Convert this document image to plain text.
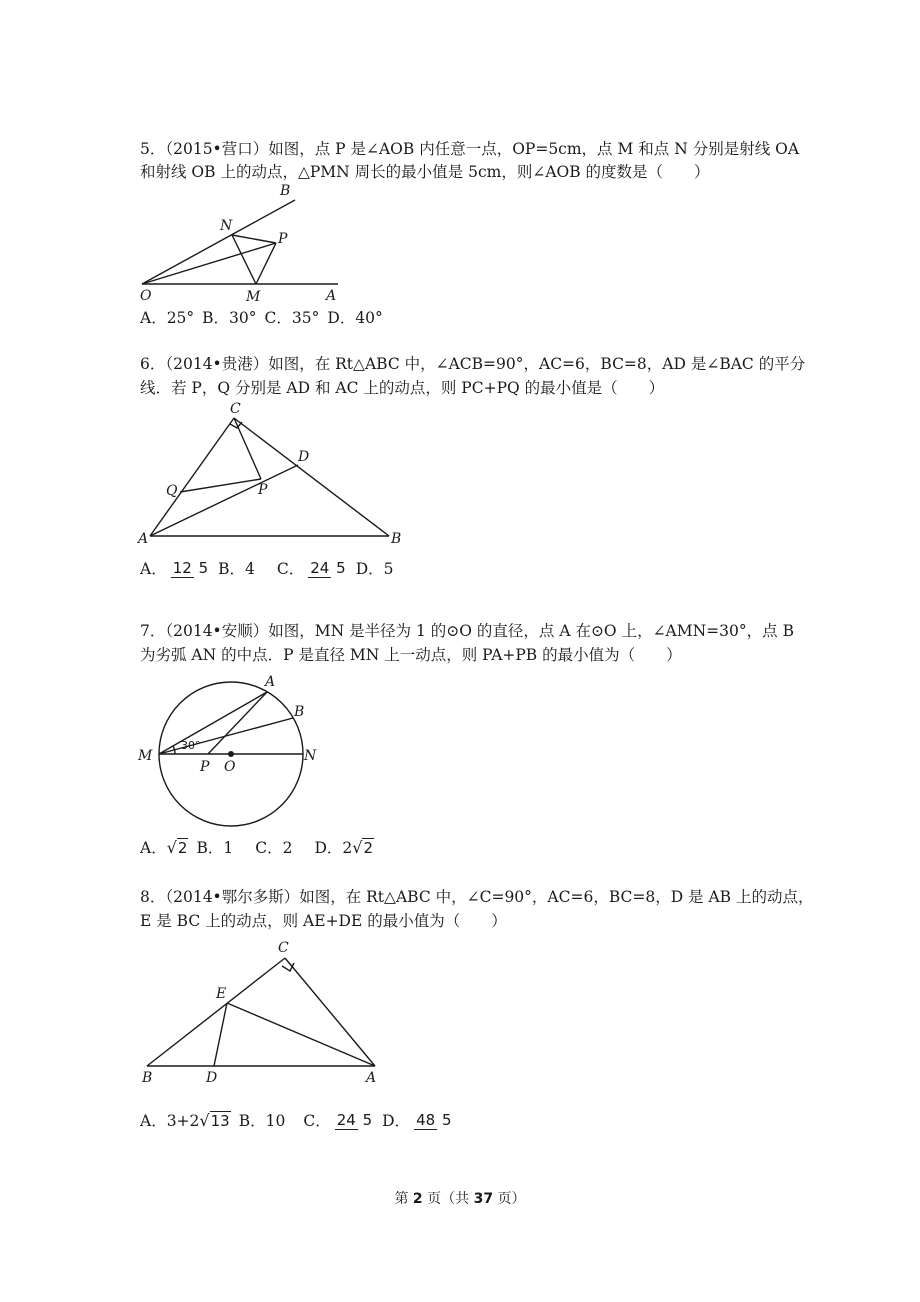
5．（2015•营口）如图，点 P 是∠AOB 内任意一点，OP=5cm，点 M 和点 N 分别是射线 OA
和射线 OB 上的动点，△PMN 周长的最小值是 5cm，则∠AOB 的度数是（　　）
O	A
B
M
N
P
A．25° B．30° C．35° D．40°
6．（2014•贵港）如图，在 Rt△ABC 中，∠ACB=90°，AC=6，BC=8，AD 是∠BAC 的平分
线．若 P，Q 分别是 AD 和 AC 上的动点，则 PC+PQ 的最小值是（　　）
A	B
C
D
P
Q
A． 12 5 B．4 C． 24 5 D．5
7．（2014•安顺）如图，MN 是半径为 1 的⊙O 的直径，点 A 在⊙O 上，∠AMN=30°，点 B
为劣弧 AN 的中点．P 是直径 MN 上一动点，则 PA+PB 的最小值为（　　）
M	N
O
P
A
B
30°
A． √2 B．1 C．2 D．2 √2
8．（2014•鄂尔多斯）如图，在 Rt△ABC 中，∠C=90°，AC=6，BC=8，D 是 AB 上的动点，
E 是 BC 上的动点，则 AE+DE 的最小值为（　　）
B	D	A
C
E
A．3+2 √13 B．10 C． 24 5 D． 48 5
第 2 页（共 37 页）
